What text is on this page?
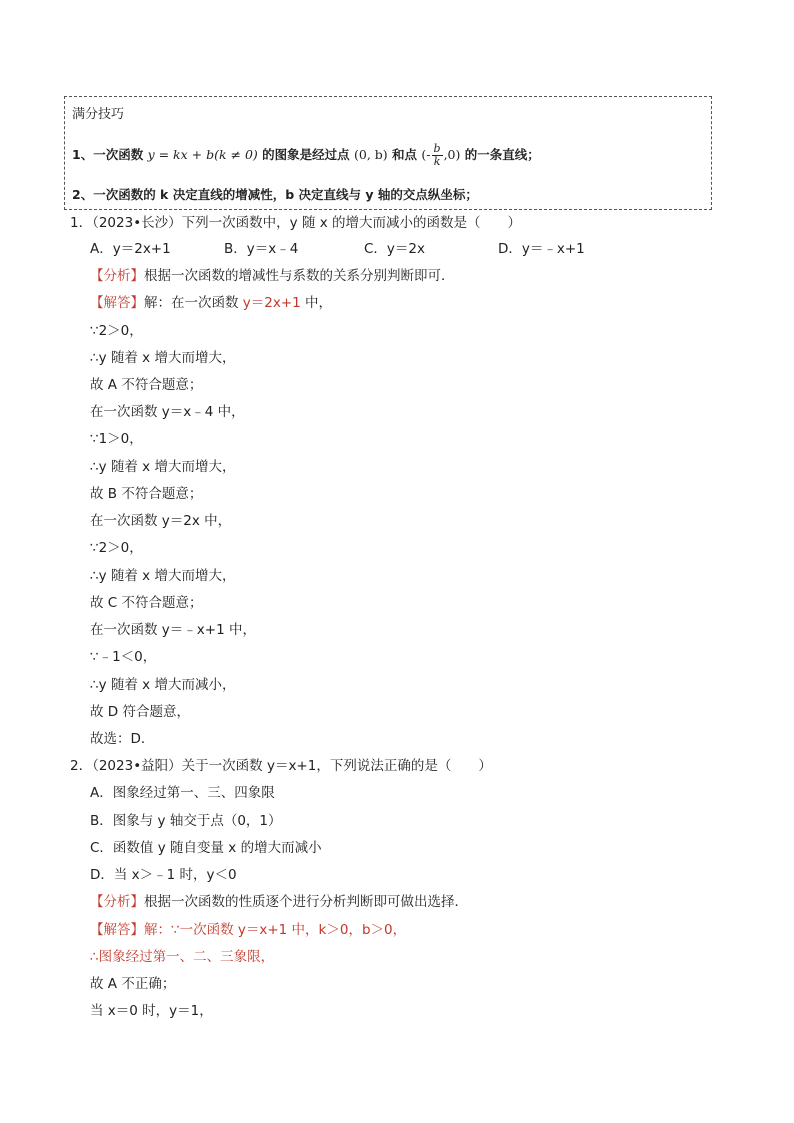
满分技巧
1、一次函数 y = kx + b(k ≠ 0) 的图象是经过点 (0, b) 和点 (- $\frac{b}{k} ,0$) 的一条直线；
2、一次函数的 k 决定直线的增减性，b 决定直线与 y 轴的交点纵坐标；
1．（2023•长沙）下列一次函数中，y 随 x 的增大而减小的函数是（　　）
A．y＝2x+1	B．y＝x﹣4	C．y＝2x	D．y＝﹣x+1
【分析】根据一次函数的增减性与系数的关系分别判断即可．
【解答】解：在一次函数 y＝2x+1 中，
∵2＞0，
∴y 随着 x 增大而增大，
故 A 不符合题意；
在一次函数 y＝x﹣4 中，
∵1＞0，
∴y 随着 x 增大而增大，
故 B 不符合题意；
在一次函数 y＝2x 中，
∵2＞0，
∴y 随着 x 增大而增大，
故 C 不符合题意；
在一次函数 y＝﹣x+1 中，
∵﹣1＜0，
∴y 随着 x 增大而减小，
故 D 符合题意，
故选：D．
2．（2023•益阳）关于一次函数 y＝x+1，下列说法正确的是（　　）
A．图象经过第一、三、四象限
B．图象与 y 轴交于点（0，1）
C．函数值 y 随自变量 x 的增大而减小
D．当 x＞﹣1 时，y＜0
【分析】根据一次函数的性质逐个进行分析判断即可做出选择．
【解答】解：∵一次函数 y＝x+1 中，k＞0，b＞0，
∴图象经过第一、二、三象限，
故 A 不正确；
当 x＝0 时，y＝1，
